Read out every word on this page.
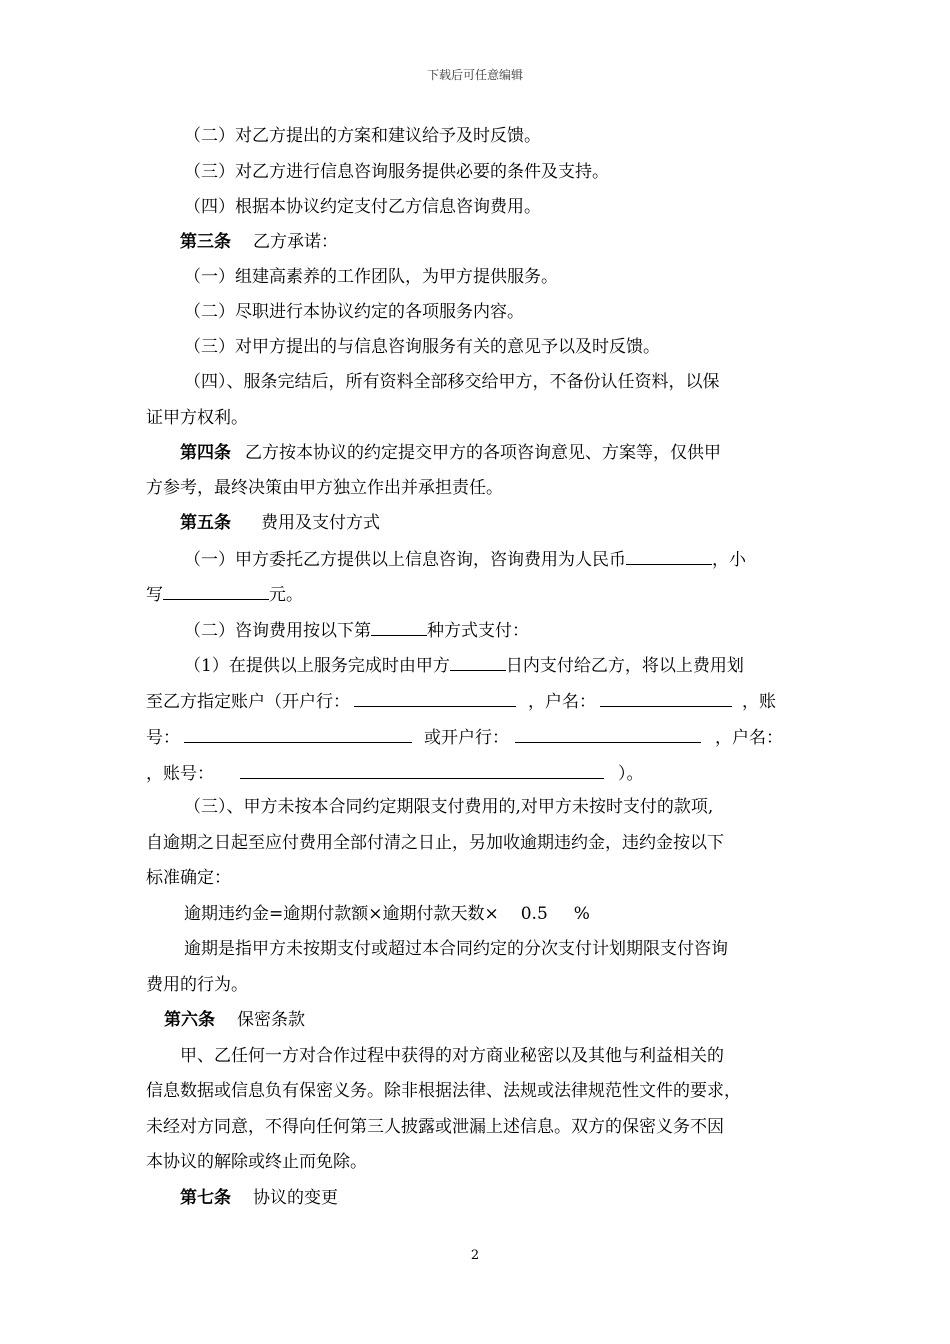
下载后可任意编辑
（二）对乙方提出的方案和建议给予及时反馈。
（三）对乙方进行信息咨询服务提供必要的条件及支持。
（四）根据本协议约定支付乙方信息咨询费用。
第三条 乙方承诺：
（一）组建高素养的工作团队，为甲方提供服务。
（二）尽职进行本协议约定的各项服务内容。
（三）对甲方提出的与信息咨询服务有关的意见予以及时反馈。
（四）、服条完结后，所有资料全部移交给甲方，不备份认任资料，以保
证甲方权利。
第四条 乙方按本协议的约定提交甲方的各项咨询意见、方案等，仅供甲
方参考，最终决策由甲方独立作出并承担责任。
第五条 费用及支付方式
（一）甲方委托乙方提供以上信息咨询，咨询费用为人民币	，小
写	元。
（二）咨询费用按以下第	种方式支付：
（1）在提供以上服务完成时由甲方	日内支付给乙方，将以上费用划
至乙方指定账户（开户行：	，户名：	，账
号：	或开户行：	，户名：
，账号：	）。
（三）、甲方未按本合同约定期限支付费用的,对甲方未按时支付的款项,
自逾期之日起至应付费用全部付清之日止，另加收逾期违约金，违约金按以下
标准确定：
逾期违约金=逾期付款额×逾期付款天数× 0.5 %
逾期是指甲方未按期支付或超过本合同约定的分次支付计划期限支付咨询
费用的行为。
第六条 保密条款
甲、乙任何一方对合作过程中获得的对方商业秘密以及其他与利益相关的
信息数据或信息负有保密义务。除非根据法律、法规或法律规范性文件的要求，
未经对方同意，不得向任何第三人披露或泄漏上述信息。双方的保密义务不因
本协议的解除或终止而免除。
第七条 协议的变更
2
